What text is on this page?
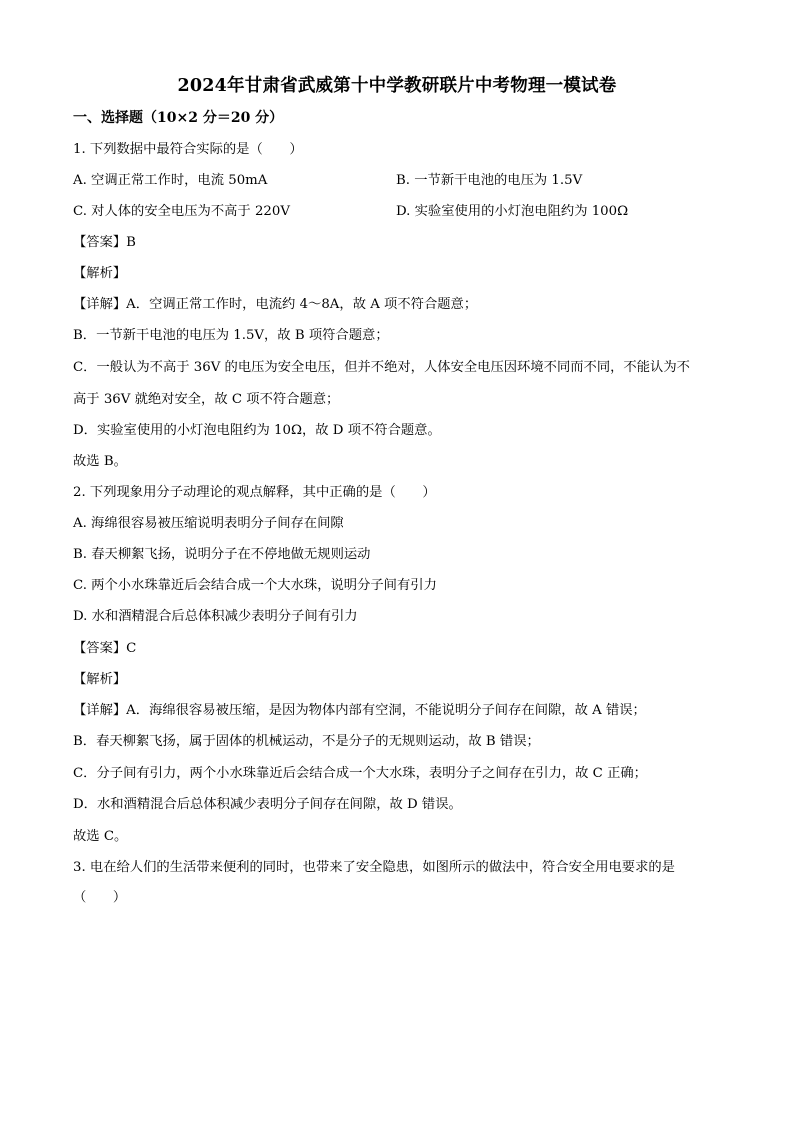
2024年甘肃省武威第十中学教研联片中考物理一模试卷
一、选择题（10×2 分＝20 分）
1. 下列数据中最符合实际的是（　　）
A. 空调正常工作时，电流 50mA	B. 一节新干电池的电压为 1.5V
C. 对人体的安全电压为不高于 220V	D. 实验室使用的小灯泡电阻约为 100Ω
【答案】B
【解析】
【详解】A．空调正常工作时，电流约 4～8A，故 A 项不符合题意；
B．一节新干电池的电压为 1.5V，故 B 项符合题意；
C．一般认为不高于 36V 的电压为安全电压，但并不绝对，人体安全电压因环境不同而不同，不能认为不
高于 36V 就绝对安全，故 C 项不符合题意；
D．实验室使用的小灯泡电阻约为 10Ω，故 D 项不符合题意。
故选 B。
2. 下列现象用分子动理论的观点解释，其中正确的是（　　）
A. 海绵很容易被压缩说明表明分子间存在间隙
B. 春天柳絮飞扬，说明分子在不停地做无规则运动
C. 两个小水珠靠近后会结合成一个大水珠，说明分子间有引力
D. 水和酒精混合后总体积减少表明分子间有引力
【答案】C
【解析】
【详解】A．海绵很容易被压缩，是因为物体内部有空洞，不能说明分子间存在间隙，故 A 错误；
B．春天柳絮飞扬，属于固体的机械运动，不是分子的无规则运动，故 B 错误；
C．分子间有引力，两个小水珠靠近后会结合成一个大水珠，表明分子之间存在引力，故 C 正确；
D．水和酒精混合后总体积减少表明分子间存在间隙，故 D 错误。
故选 C。
3. 电在给人们的生活带来便利的同时，也带来了安全隐患，如图所示的做法中，符合安全用电要求的是
（　　）
